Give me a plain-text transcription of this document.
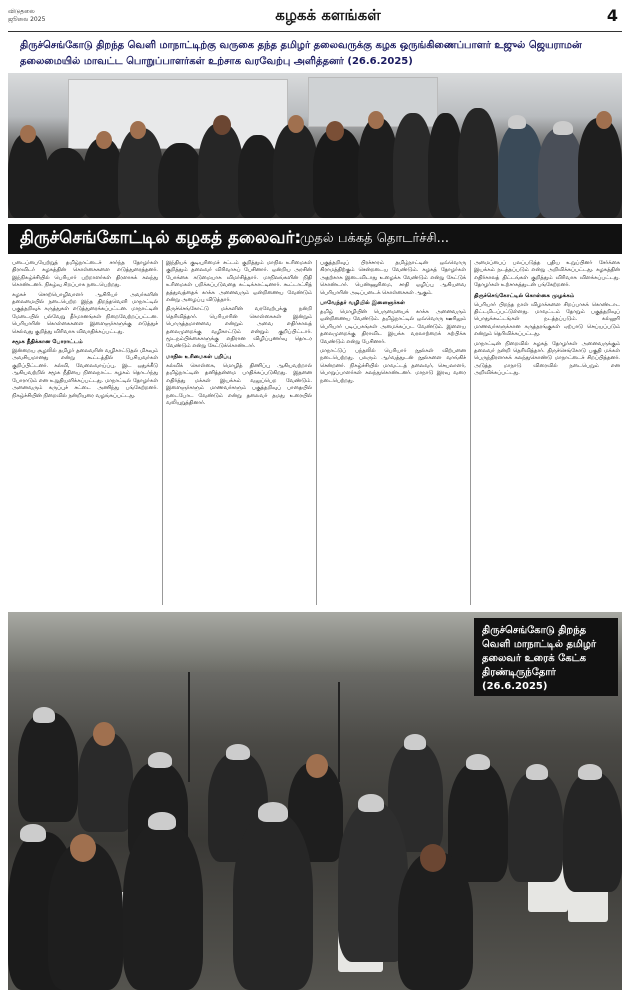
விடுதலை
ஜூலை 2025	கழகக் களங்கள்	4
திருச்செங்கோடு திறந்த வெளி மாநாட்டிற்கு வருகை தந்த தமிழர் தலைவருக்கு கழக ஒருங்கிணைப்பாளர் உஜுல் ஜெயராமன் தலைமையில் மாவட்ட பொறுப்பாளர்கள் உற்சாக வரவேற்பு அளித்தனர் (26.6.2025)
திருச்செங்கோட்டில் கழகத் தலைவர்:
முதல் பக்கத் தொடர்ச்சி...

படைப்பையேற்றுத் தமிழ்நாட்டைச் சார்ந்த தோழர்கள் திராவிடர் கழகத்தின் கொள்கைகளை எடுத்துரைத்தனர். இந்நிகழ்ச்சியில் பெரியார் பற்றாளர்கள் திரளாகக் கலந்து கொண்டனர். நிகழ்வு சிறப்பாக நடைபெற்றது.

கழகச் சொற்பொழிவாளர் ஆசிரியர் அவர்களின் தலைமையில் நடைபெற்ற இந்த திறந்தவெளி மாநாட்டில் பகுத்தறிவுக் கருத்துகள் எடுத்துரைக்கப்பட்டன. மாநாட்டின் மேடையில் பல்வேறு தீர்மானங்கள் நிறைவேற்றப்பட்டன. பெரியாரின் கொள்கைகளை இளைஞர்களுக்கு எடுத்துச் செல்வது குறித்து விரிவாக விவாதிக்கப்பட்டது.

சமூக நீதிக்கான போராட்டம்

இன்றைய சூழலில் தமிழர் தலைவரின் வழிகாட்டுதல் மிகவும் அவசியமானது என்று கூட்டத்தில் பேசியவர்கள் குறிப்பிட்டனர். கல்வி, வேலைவாய்ப்பு, இட ஒதுக்கீடு ஆகியவற்றில் சமூக நீதியை நிலைநாட்ட கழகம் தொடர்ந்து போராடும் என உறுதியளிக்கப்பட்டது. மாநாட்டில் தோழர்கள் அனைவரும் கருப்புச் சட்டை அணிந்து பங்கேற்றனர். நிகழ்ச்சியின் நிறைவில் நன்றியுரை வழங்கப்பட்டது.

இந்தியக் குடியுரிமைச் சட்டம் குறித்தும் மாநில உரிமைகள் குறித்தும் தலைவர் விரிவாகப் பேசினார். ஒன்றிய அரசின் போக்கை கடுமையாக விமர்சித்தார். மாநிலங்களின் நிதி உரிமைகள் பறிக்கப்படுவதை சுட்டிக்காட்டினார். கூட்டாட்சித் தத்துவத்தைக் காக்க அனைவரும் ஒன்றிணைய வேண்டும் என்று அழைப்பு விடுத்தார்.

திருச்செங்கோட்டு மக்களின் வரவேற்புக்கு நன்றி தெரிவித்தார். பெரியாரின் கொள்கைகள் இன்றும் பொருத்தமானவை என்றும் அவை எதிர்காலத் தலைமுறைக்கு வழிகாட்டும் என்றும் குறிப்பிட்டார். மூடநம்பிக்கைகளுக்கு எதிரான விழிப்புணர்வு தொடர வேண்டும் என்று கேட்டுக்கொண்டார்.

மாநில உரிமைகள் பறிப்பு

கல்விக் கொள்கை, மொழித் திணிப்பு ஆகியவற்றால் தமிழ்நாட்டின் தனித்தன்மை பாதிக்கப்படுகிறது. இதனை எதிர்த்து மக்கள் இயக்கம் வலுப்பெற வேண்டும். இளைஞர்களும் மாணவர்களும் பகுத்தறிவுப் பாதையில் நடைபோட வேண்டும் என்று தலைவர் தமது உரையில் வலியுறுத்தினார்.

பகுத்தறிவுப் பிரச்சாரம் தமிழ்நாட்டின் ஒவ்வொரு கிராமத்திற்கும் சென்றடைய வேண்டும். கழகத் தோழர்கள் அதற்காக இடைவிடாது உழைக்க வேண்டும் என்று கேட்டுக் கொண்டார். பெண்ணுரிமை, சாதி ஒழிப்பு ஆகியவை பெரியாரின் அடிப்படைக் கொள்கைகள் ஆகும்.

பாவேந்தர் வழியில் இளைஞர்கள்

தமிழ் மொழியின் பெருமையைக் காக்க அனைவரும் ஒன்றிணைய வேண்டும். தமிழ்நாட்டில் ஒவ்வொரு ஊரிலும் பெரியார் படிப்பகங்கள் அமைக்கப்பட வேண்டும். இளைய தலைமுறைக்கு திராவிட இயக்க வரலாற்றைக் கற்பிக்க வேண்டும் என்று பேசினார்.

மாநாட்டுப் பந்தலில் பெரியார் நூல்கள் விற்பனை நடைபெற்றது. பலரும் ஆர்வத்துடன் நூல்களை வாங்கிச் சென்றனர். நிகழ்ச்சியில் மாவட்டத் தலைவர், செயலாளர், பொறுப்பாளர்கள் கலந்துகொண்டனர். மாநாடு இரவு வரை நடைபெற்றது.

அமைப்பைப் பலப்படுத்த புதிய உறுப்பினர் சேர்க்கை இயக்கம் நடத்தப்படும் என்று அறிவிக்கப்பட்டது. கழகத்தின் எதிர்காலத் திட்டங்கள் குறித்தும் விரிவாக விளக்கப்பட்டது. தோழர்கள் உற்சாகத்துடன் பங்கேற்றனர்.

திருச்செங்கோட்டில் கொள்கை முழக்கம்

பெரியார் பிறந்த நாள் விழாக்களை சிறப்பாகக் கொண்டாட திட்டமிடப்பட்டுள்ளது. மாவட்டம் தோறும் பகுத்தறிவுப் பொதுக்கூட்டங்கள் நடத்தப்படும். கல்லூரி மாணவர்களுக்கான கருத்தரங்குகள் ஏற்பாடு செய்யப்படும் என்றும் தெரிவிக்கப்பட்டது.

மாநாட்டின் நிறைவில் கழகத் தோழர்கள் அனைவருக்கும் தலைவர் நன்றி தெரிவித்தார். திருச்செங்கோடு பகுதி மக்கள் பெருந்திரளாகக் கலந்துகொண்டு மாநாட்டைச் சிறப்பித்தனர். அடுத்த மாநாடு விரைவில் நடைபெறும் என அறிவிக்கப்பட்டது.

திருச்செங்கோடு திறந்த வெளி மாநாட்டில் தமிழர் தலைவர் உரைக் கேட்க திரண்டிருந்தோர் (26.6.2025)
